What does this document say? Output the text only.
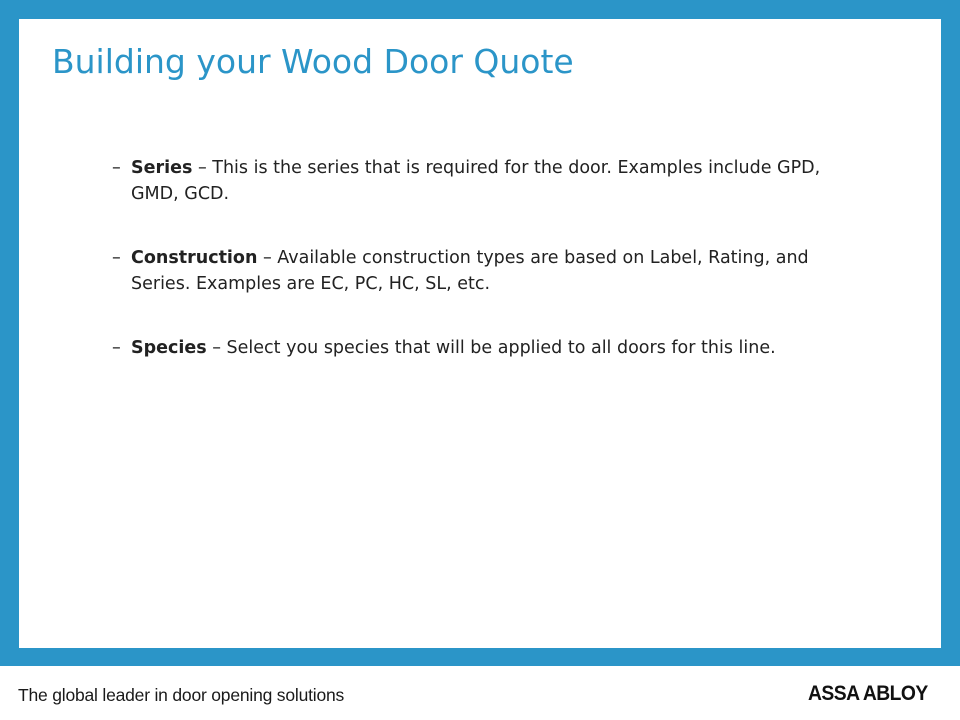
Building your Wood Door Quote
– Series – This is the series that is required for the door. Examples include GPD, GMD, GCD.
– Construction – Available construction types are based on Label, Rating, and Series. Examples are EC, PC, HC, SL, etc.
– Species – Select you species that will be applied to all doors for this line.
The global leader in door opening solutions	ASSA ABLOY
